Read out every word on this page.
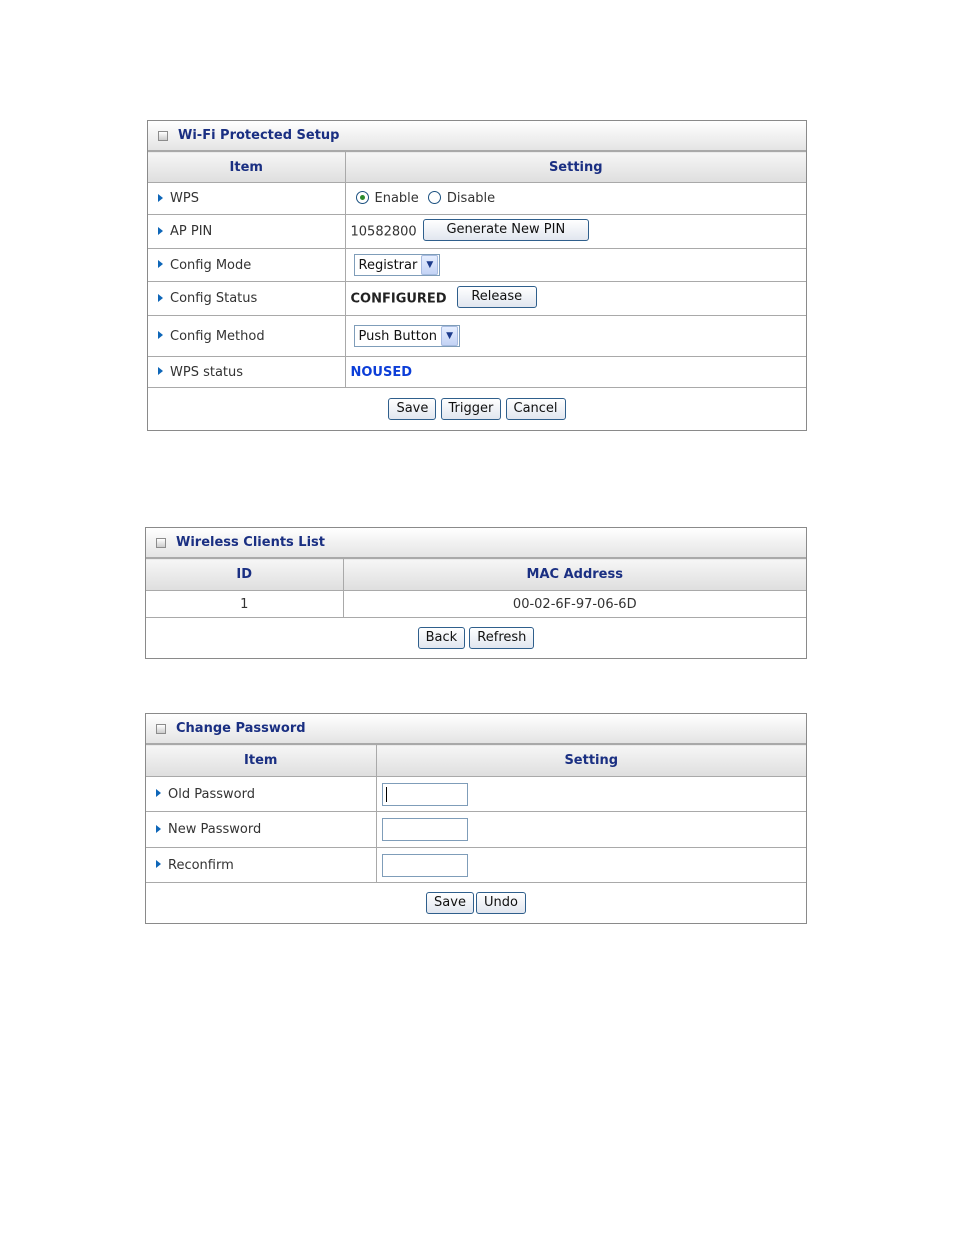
Wi-Fi Protected Setup
Item	Setting
WPS	Enable Disable
AP PIN	10582800 Generate New PIN
Config Mode	Registrar ▼

Config Status	CONFIGURED Release
Config Method	Push Button ▼

WPS status	NOUSED
Save Trigger Cancel	
Wireless Clients List
ID	MAC Address
1	00-02-6F-97-06-6D
Back Refresh	
Change Password
Item	Setting
Old Password	
New Password	
Reconfirm	
Save Undo	
